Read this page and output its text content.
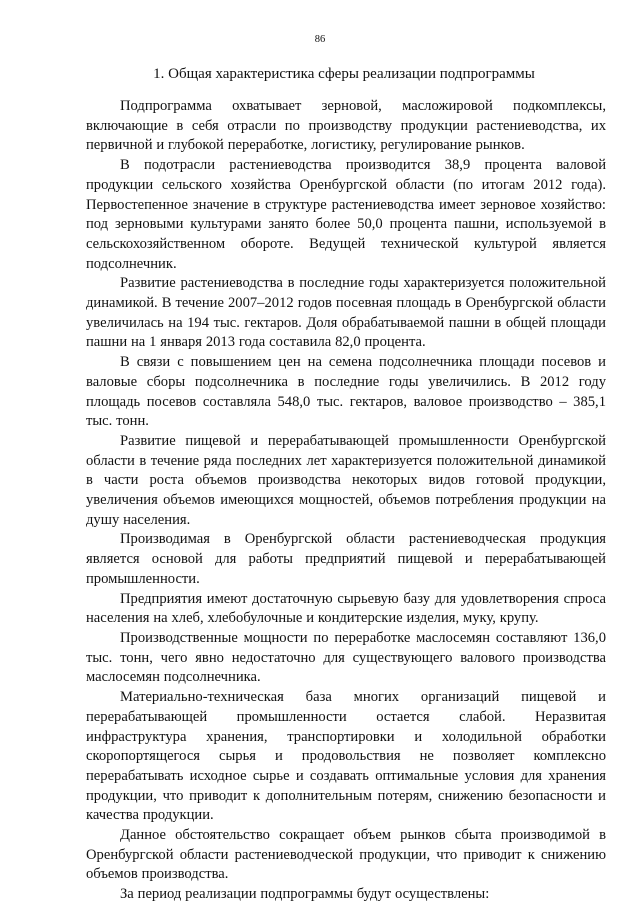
86
1. Общая характеристика сферы реализации подпрограммы

Подпрограмма охватывает зерновой, масложировой подкомплексы, включающие в себя отрасли по производству продукции растениеводства, их первичной и глубокой переработке, логистику, регулирование рынков.

В подотрасли растениеводства производится 38,9 процента валовой продукции сельского хозяйства Оренбургской области (по итогам 2012 года). Первостепенное значение в структуре растениеводства имеет зерновое хозяйство: под зерновыми культурами занято более 50,0 процента пашни, используемой в сельскохозяйственном обороте. Ведущей технической культурой является подсолнечник.

Развитие растениеводства в последние годы характеризуется положительной динамикой. В течение 2007–2012 годов посевная площадь в Оренбургской области увеличилась на 194 тыс. гектаров. Доля обрабатываемой пашни в общей площади пашни на 1 января 2013 года составила 82,0 процента.

В связи с повышением цен на семена подсолнечника площади посевов и валовые сборы подсолнечника в последние годы увеличились. В 2012 году площадь посевов составляла 548,0 тыс. гектаров, валовое производство – 385,1 тыс. тонн.

Развитие пищевой и перерабатывающей промышленности Оренбургской области в течение ряда последних лет характеризуется положительной динамикой в части роста объемов производства некоторых видов готовой продукции, увеличения объемов имеющихся мощностей, объемов потребления продукции на душу населения.

Производимая в Оренбургской области растениеводческая продукция является основой для работы предприятий пищевой и перерабатывающей промышленности.

Предприятия имеют достаточную сырьевую базу для удовлетворения спроса населения на хлеб, хлебобулочные и кондитерские изделия, муку, крупу.

Производственные мощности по переработке маслосемян составляют 136,0 тыс. тонн, чего явно недостаточно для существующего валового производства маслосемян подсолнечника.

Материально-техническая база многих организаций пищевой и перерабатывающей промышленности остается слабой. Неразвитая инфраструктура хранения, транспортировки и холодильной обработки скоропортящегося сырья и продовольствия не позволяет комплексно перерабатывать исходное сырье и создавать оптимальные условия для хранения продукции, что приводит к дополнительным потерям, снижению безопасности и качества продукции.

Данное обстоятельство сокращает объем рынков сбыта производимой в Оренбургской области растениеводческой продукции, что приводит к снижению объемов производства.

За период реализации подпрограммы будут осуществлены:
